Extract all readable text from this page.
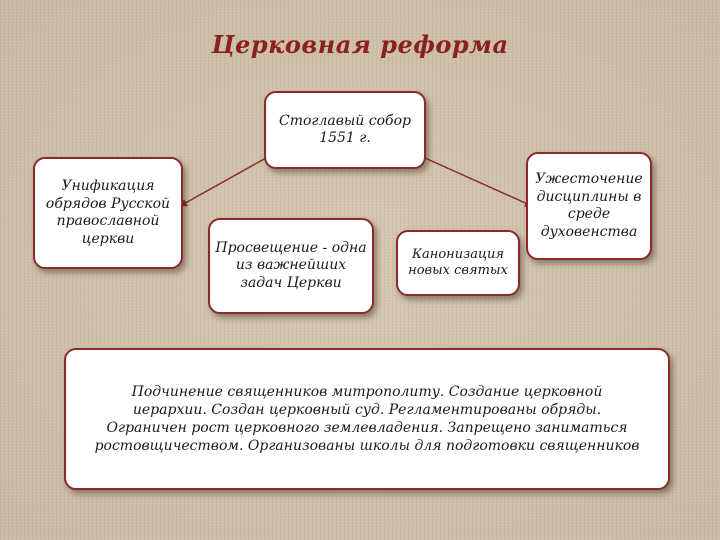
Церковная реформа
Стоглавый собор 1551 г.
Унификация обрядов Русской православной церкви
Просвещение - одна из важнейших задач Церкви
Канонизация новых святых
Ужесточение дисциплины в среде духовенства
Подчинение священников митрополиту. Создание церковной иерархии. Создан церковный суд. Регламентированы обряды. Ограничен рост церковного землевладения. Запрещено заниматься ростовщичеством. Организованы школы для подготовки священников
